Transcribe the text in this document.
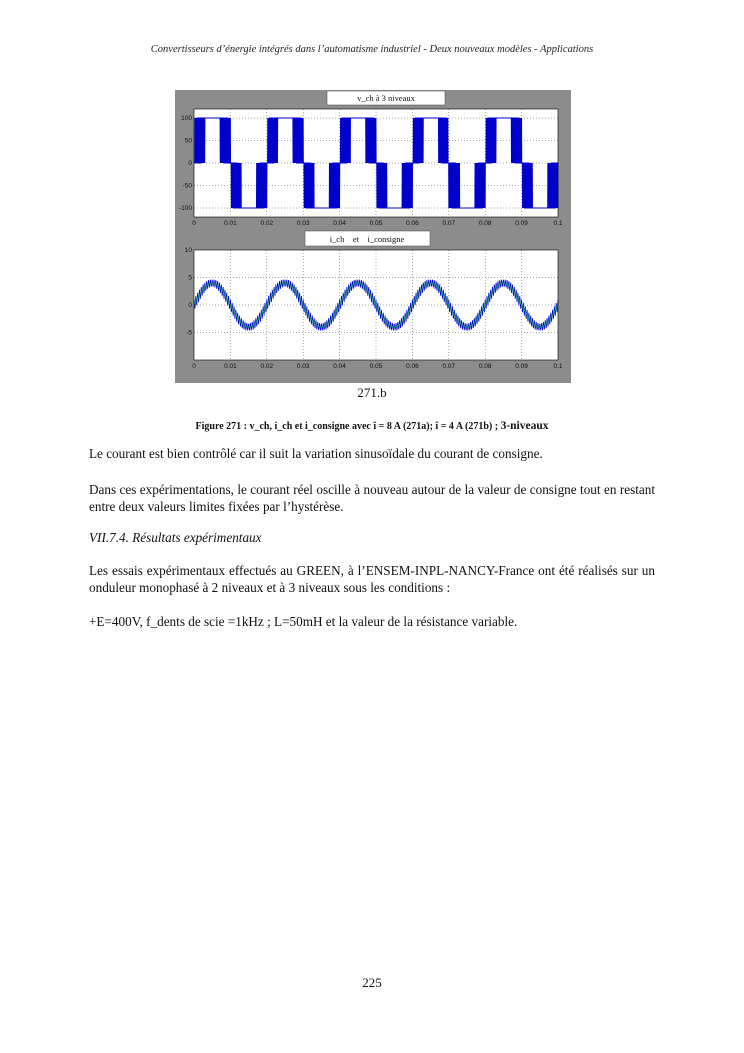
Convertisseurs d’énergie intégrés dans l’automatisme industriel - Deux nouveaux modèles - Applications
0	0.01	0.02	0.03	0.04	0.05	0.06	0.07	0.08	0.09	0.1
100
50
0
-50
-100
v_ch à 3 niveaux
0	0.01	0.02	0.03	0.04	0.05	0.06	0.07	0.08	0.09	0.1
10
5
0
-5
i_ch    et    i_consigne
271.b
Figure 271 : v_ch, i_ch et i_consigne avec î = 8 A (271a); î = 4 A (271b) ; 3-niveaux
Le courant est bien contrôlé car il suit la variation sinusoïdale du courant de consigne.
Dans ces expérimentations, le courant réel oscille à nouveau autour de la valeur de consigne tout en restant entre deux valeurs limites fixées par l’hystérèse.
VII.7.4. Résultats expérimentaux
Les essais expérimentaux effectués au GREEN, à l’ENSEM-INPL-NANCY-France ont été réalisés sur un onduleur monophasé à 2 niveaux et à 3 niveaux sous les conditions :
+E=400V, f_dents de scie =1kHz ; L=50mH et la valeur de la résistance variable.
225
